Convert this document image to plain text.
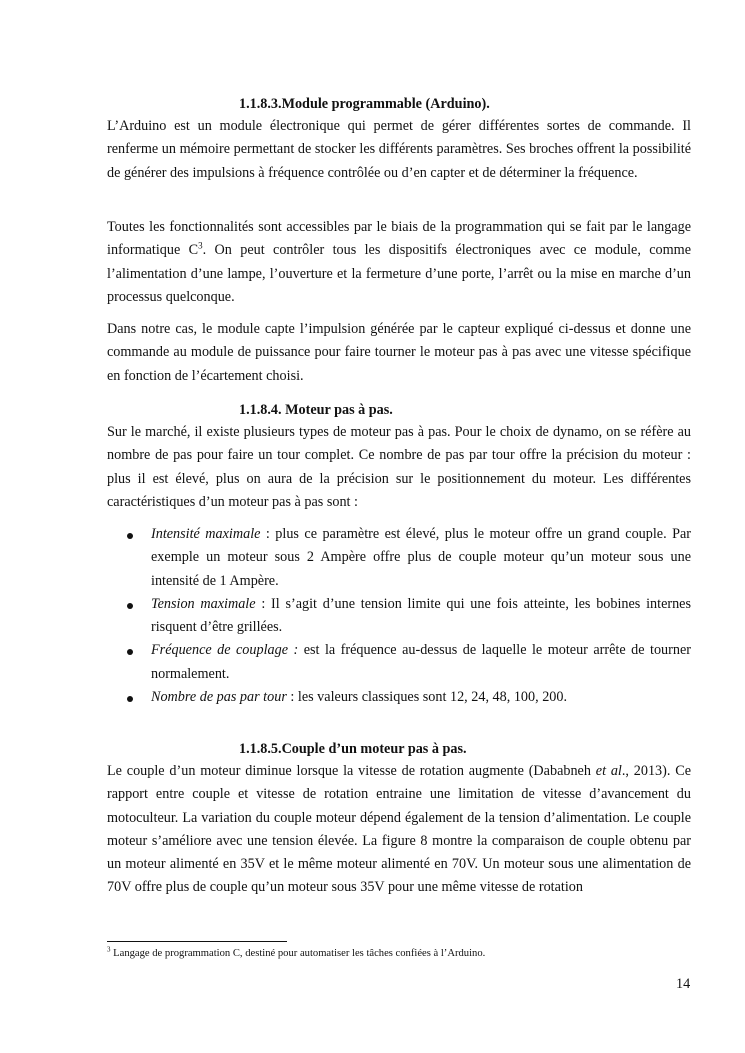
1.1.8.3.Module programmable (Arduino).

L’Arduino est un module électronique qui permet de gérer différentes sortes de commande. Il renferme un mémoire permettant de stocker les différents paramètres. Ses broches offrent la possibilité de générer des impulsions à fréquence contrôlée ou d’en capter et de déterminer la fréquence.

Toutes les fonctionnalités sont accessibles par le biais de la programmation qui se fait par le langage informatique $C^3$. On peut contrôler tous les dispositifs électroniques avec ce module, comme l’alimentation d’une lampe, l’ouverture et la fermeture d’une porte, l’arrêt ou la mise en marche d’un processus quelconque.

Dans notre cas, le module capte l’impulsion générée par le capteur expliqué ci-dessus et donne une commande au module de puissance pour faire tourner le moteur pas à pas avec une vitesse spécifique en fonction de l’écartement choisi.

1.1.8.4. Moteur pas à pas.

Sur le marché, il existe plusieurs types de moteur pas à pas. Pour le choix de dynamo, on se réfère au nombre de pas pour faire un tour complet. Ce nombre de pas par tour offre la précision du moteur : plus il est élevé, plus on aura de la précision sur le positionnement du moteur. Les différentes caractéristiques d’un moteur pas à pas sont :

Intensité maximale : plus ce paramètre est élevé, plus le moteur offre un grand couple. Par exemple un moteur sous 2 Ampère offre plus de couple moteur qu’un moteur sous une intensité de 1 Ampère.
Tension maximale : Il s’agit d’une tension limite qui une fois atteinte, les bobines internes risquent d’être grillées.
Fréquence de couplage : est la fréquence au-dessus de laquelle le moteur arrête de tourner normalement.
Nombre de pas par tour : les valeurs classiques sont 12, 24, 48, 100, 200.
1.1.8.5.Couple d’un moteur pas à pas.

Le couple d’un moteur diminue lorsque la vitesse de rotation augmente (Dababneh et al., 2013). Ce rapport entre couple et vitesse de rotation entraine une limitation de vitesse d’avancement du motoculteur. La variation du couple moteur dépend également de la tension d’alimentation. Le couple moteur s’améliore avec une tension élevée. La figure 8 montre la comparaison de couple obtenu par un moteur alimenté en 35V et le même moteur alimenté en 70V. Un moteur sous une alimentation de 70V offre plus de couple qu’un moteur sous 35V pour une même vitesse de rotation

$^3$ Langage de programmation C, destiné pour automatiser les tâches confiées à l’Arduino.
14
